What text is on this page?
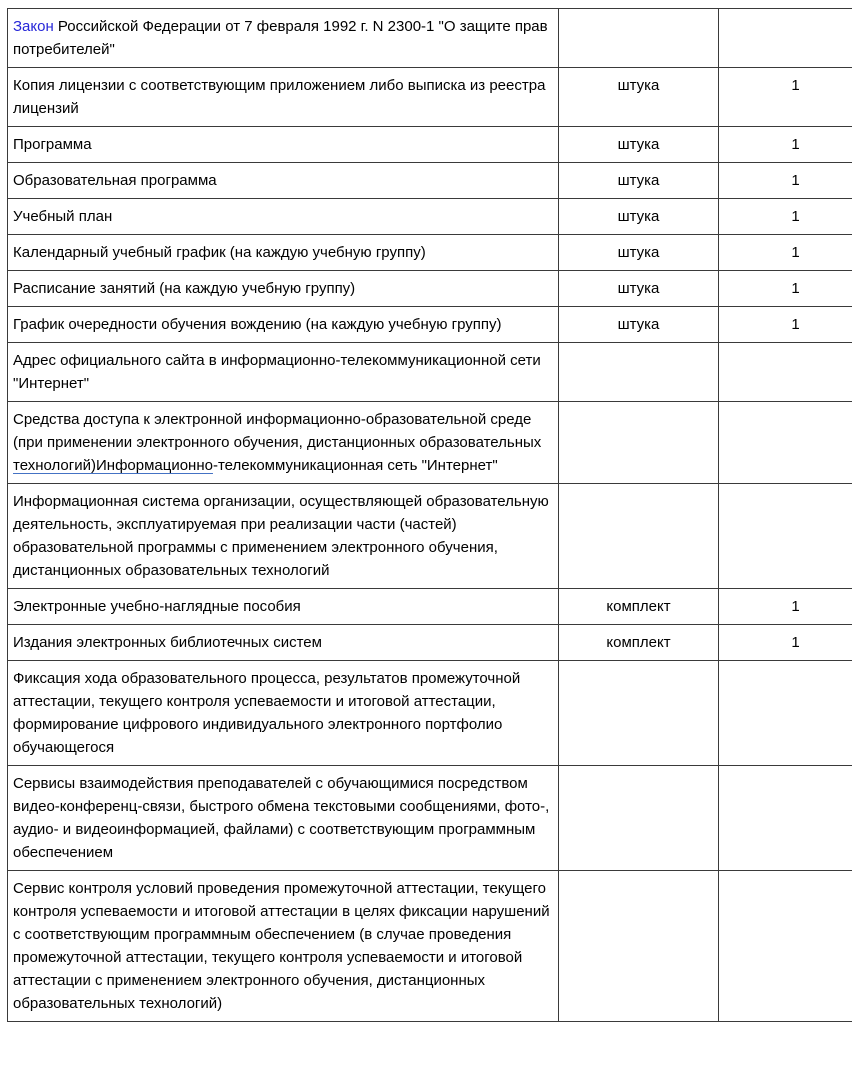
Закон Российской Федерации от 7 февраля 1992 г. N 2300-1 "О защите прав потребителей"		
Копия лицензии с соответствующим приложением либо выписка из реестра лицензий	штука	1
Программа	штука	1
Образовательная программа	штука	1
Учебный план	штука	1
Календарный учебный график (на каждую учебную группу)	штука	1
Расписание занятий (на каждую учебную группу)	штука	1
График очередности обучения вождению (на каждую учебную группу)	штука	1
Адрес официального сайта в информационно-телекоммуникационной сети "Интернет"		
Средства доступа к электронной информационно-образовательной среде (при применении электронного обучения, дистанционных образовательных технологий)Информационно-телекоммуникационная сеть "Интернет"		
Информационная система организации, осуществляющей образовательную деятельность, эксплуатируемая при реализации части (частей) образовательной программы с применением электронного обучения, дистанционных образовательных технологий		
Электронные учебно-наглядные пособия	комплект	1
Издания электронных библиотечных систем	комплект	1
Фиксация хода образовательного процесса, результатов промежуточной аттестации, текущего контроля успеваемости и итоговой аттестации, формирование цифрового индивидуального электронного портфолио обучающегося		
Сервисы взаимодействия преподавателей с обучающимися посредством видео-конференц-связи, быстрого обмена текстовыми сообщениями, фото-, аудио- и видеоинформацией, файлами) с соответствующим программным обеспечением		
Сервис контроля условий проведения промежуточной аттестации, текущего контроля успеваемости и итоговой аттестации в целях фиксации нарушений с соответствующим программным обеспечением (в случае проведения промежуточной аттестации, текущего контроля успеваемости и итоговой аттестации с применением электронного обучения, дистанционных образовательных технологий)		
